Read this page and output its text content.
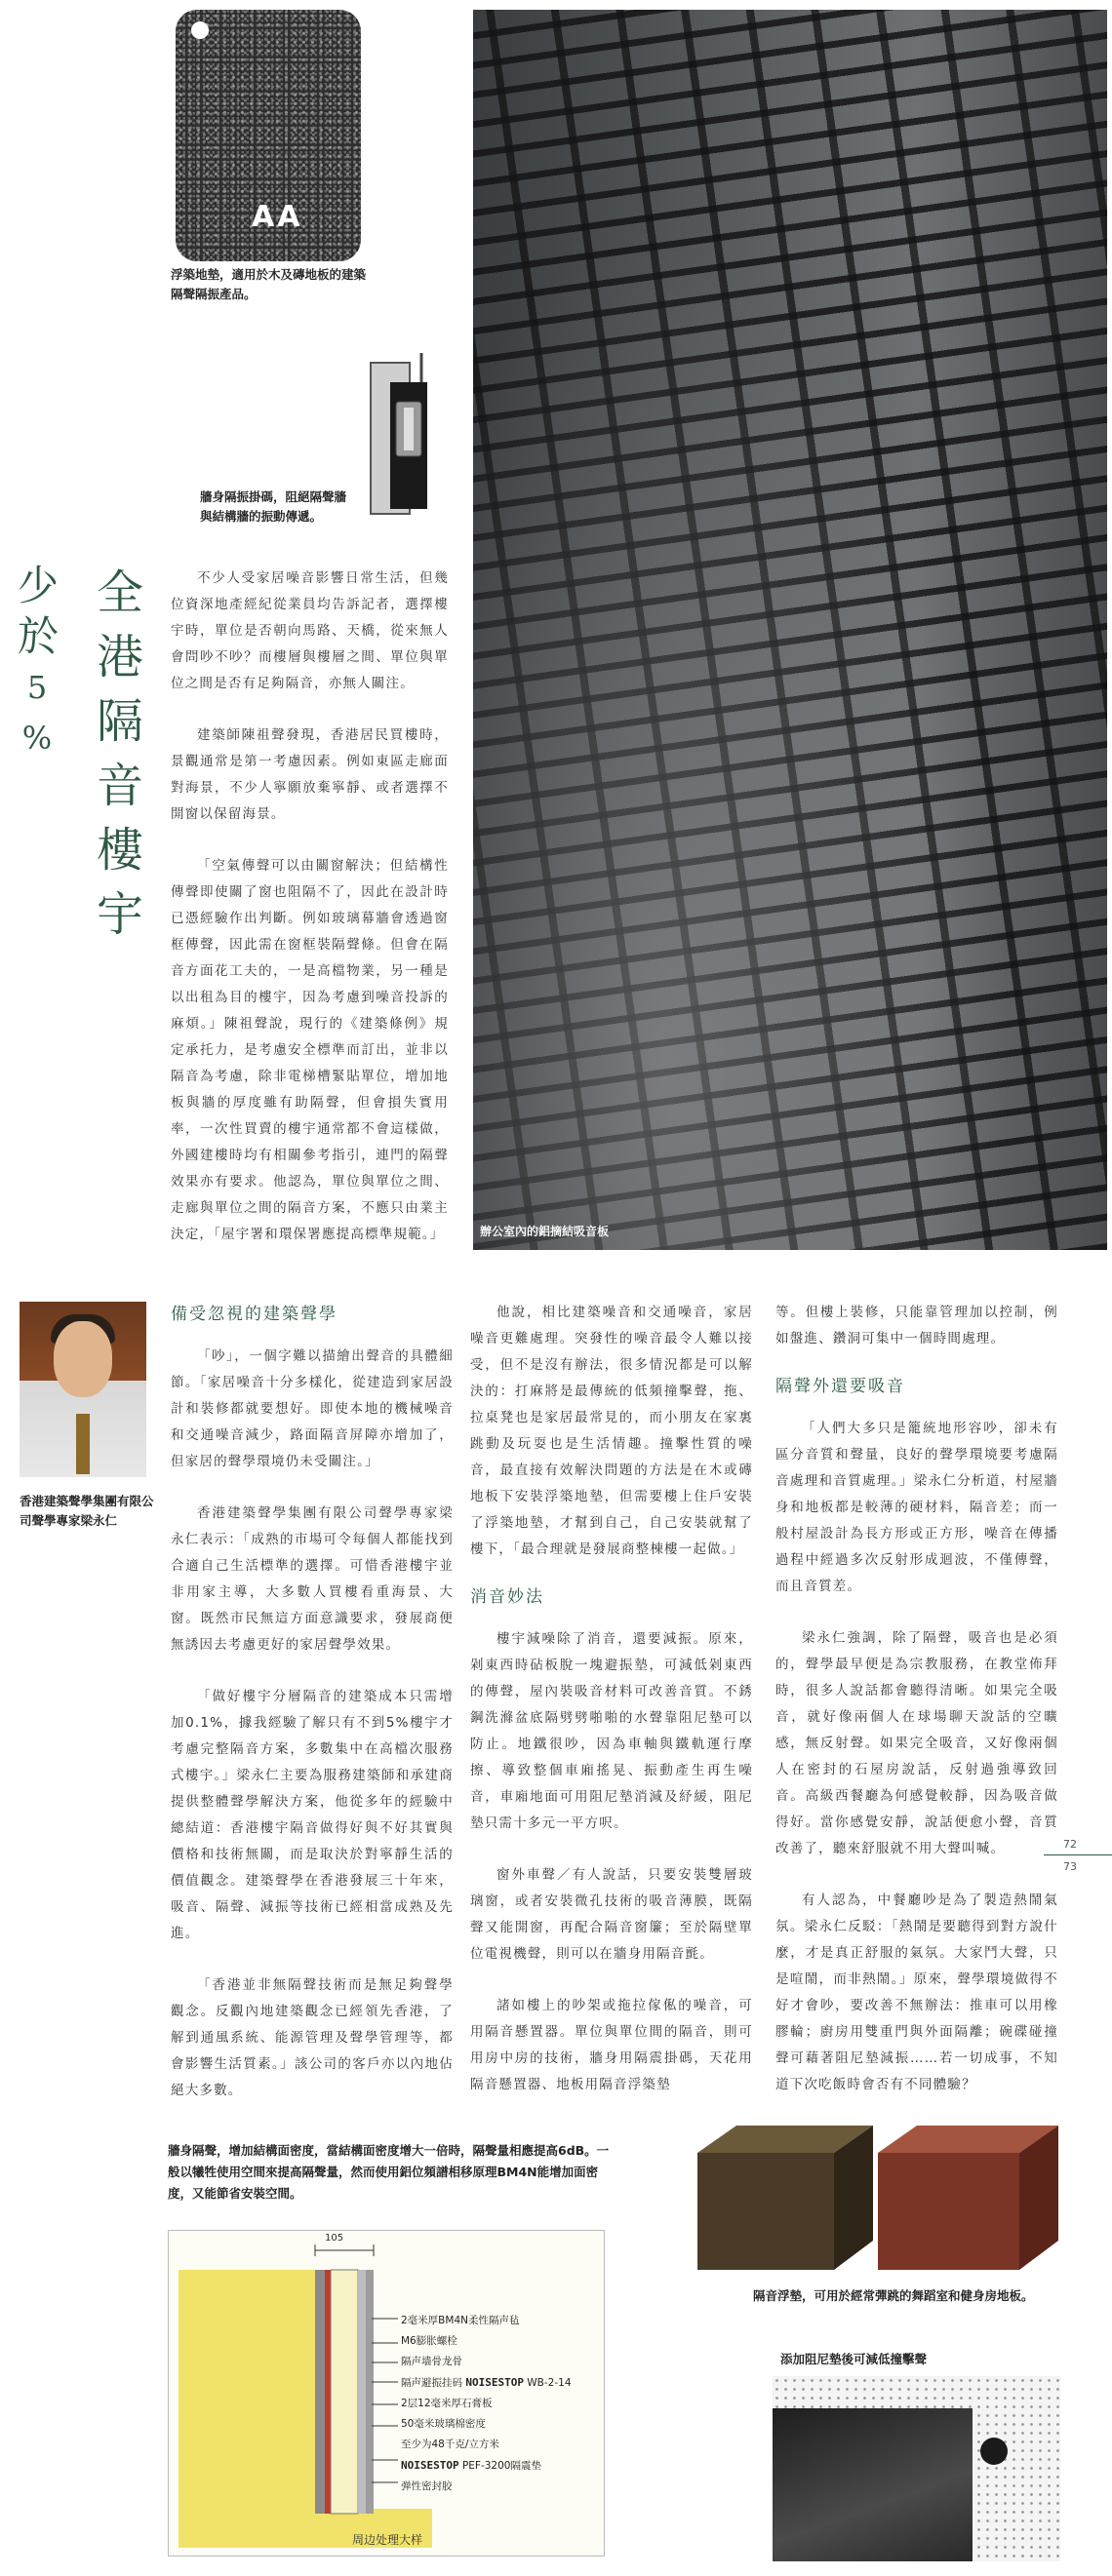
AA
浮築地墊，適用於木及磚地板的建築隔聲隔振產品。
牆身隔振掛碼，阻絕隔聲牆與結構牆的振動傳遞。
辦公室內的鋁摘結吸音板
少
於
5
%
全
港
隔
音
樓
宇

不少人受家居噪音影響日常生活，但幾位資深地產經紀從業員均告訴記者，選擇樓宇時，單位是否朝向馬路、天橋，從來無人會問吵不吵？而樓層與樓層之間、單位與單位之間是否有足夠隔音，亦無人關注。

建築師陳祖聲發現，香港居民買樓時，景觀通常是第一考慮因素。例如東區走廊面對海景，不少人寧願放棄寧靜、或者選擇不開窗以保留海景。

「空氣傳聲可以由關窗解決；但結構性傳聲即使關了窗也阻隔不了，因此在設計時已憑經驗作出判斷。例如玻璃幕牆會透過窗框傳聲，因此需在窗框裝隔聲條。但會在隔音方面花工夫的，一是高檔物業，另一種是以出租為目的樓宇，因為考慮到噪音投訴的麻煩。」陳祖聲說，現行的《建築條例》規定承托力，是考慮安全標準而訂出，並非以隔音為考慮，除非電梯槽緊貼單位，增加地板與牆的厚度雖有助隔聲，但會損失實用率，一次性買賣的樓宇通常都不會這樣做，外國建樓時均有相關參考指引，連門的隔聲效果亦有要求。他認為，單位與單位之間、走廊與單位之間的隔音方案，不應只由業主決定，「屋宇署和環保署應提高標準規範。」

香港建築聲學集團有限公司聲學專家梁永仁
備受忽視的建築聲學

「吵」，一個字難以描繪出聲音的具體細節。「家居噪音十分多樣化，從建造到家居設計和裝修都就要想好。即使本地的機械噪音和交通噪音減少，路面隔音屏障亦增加了，但家居的聲學環境仍未受關注。」

香港建築聲學集團有限公司聲學專家梁永仁表示：「成熟的市場可令每個人都能找到合適自己生活標準的選擇。可惜香港樓宇並非用家主導，大多數人買樓看重海景、大窗。既然市民無這方面意識要求，發展商便無誘因去考慮更好的家居聲學效果。

「做好樓宇分層隔音的建築成本只需增加0.1%，據我經驗了解只有不到5%樓宇才考慮完整隔音方案，多數集中在高檔次服務式樓宇。」梁永仁主要為服務建築師和承建商提供整體聲學解決方案，他從多年的經驗中總結道：香港樓宇隔音做得好與不好其實與價格和技術無關，而是取決於對寧靜生活的價值觀念。建築聲學在香港發展三十年來，吸音、隔聲、減振等技術已經相當成熟及先進。

「香港並非無隔聲技術而是無足夠聲學觀念。反觀內地建築觀念已經領先香港，了解到通風系統、能源管理及聲學管理等，都會影響生活質素。」該公司的客戶亦以內地佔絕大多數。

他說，相比建築噪音和交通噪音，家居噪音更難處理。突發性的噪音最令人難以接受，但不是沒有辦法，很多情況都是可以解決的：打麻將是最傳統的低頻撞擊聲，拖、拉桌凳也是家居最常見的，而小朋友在家裏跳動及玩耍也是生活情趣。撞擊性質的噪音，最直接有效解決問題的方法是在木或磚地板下安裝浮築地墊，但需要樓上住戶安裝了浮築地墊，才幫到自己，自己安裝就幫了樓下，「最合理就是發展商整棟樓一起做。」

消音妙法

樓宇減噪除了消音，還要減振。原來，剁東西時砧板脫一塊避振墊，可減低剁東西的傳聲，屋內裝吸音材料可改善音質。不銹鋼洗滌盆底隔劈劈啪啪的水聲靠阻尼墊可以防止。地鐵很吵，因為車軸與鐵軌運行摩擦、導致整個車廂搖晃、振動產生再生噪音，車廂地面可用阻尼墊消減及紓緩，阻尼墊只需十多元一平方呎。

窗外車聲／有人說話，只要安裝雙層玻璃窗，或者安裝微孔技術的吸音薄膜，既隔聲又能開窗，再配合隔音窗簾；至於隔壁單位電視機聲，則可以在牆身用隔音氈。

諸如樓上的吵架或拖拉傢俬的噪音，可用隔音懸置器。單位與單位間的隔音，則可用房中房的技術，牆身用隔震掛碼，天花用隔音懸置器、地板用隔音浮築墊

等。但樓上裝修，只能靠管理加以控制，例如盤進、鑽洞可集中一個時間處理。

隔聲外還要吸音

「人們大多只是籠統地形容吵，卻未有區分音質和聲量，良好的聲學環境要考慮隔音處理和音質處理。」梁永仁分析道，村屋牆身和地板都是較薄的硬材料，隔音差；而一般村屋設計為長方形或正方形，噪音在傳播過程中經過多次反射形成迴波，不僅傳聲，而且音質差。

梁永仁強調，除了隔聲，吸音也是必須的，聲學最早便是為宗教服務，在教堂佈拜時，很多人說話都會聽得清晰。如果完全吸音，就好像兩個人在球場聊天說話的空曠感，無反射聲。如果完全吸音，又好像兩個人在密封的石屋房說話，反射過強導致回音。高級西餐廳為何感覺較靜，因為吸音做得好。當你感覺安靜，說話便愈小聲，音質改善了，聽來舒服就不用大聲叫喊。

有人認為，中餐廳吵是為了製造熱鬧氣氛。梁永仁反駁：「熱鬧是要聽得到對方說什麼，才是真正舒服的氣氛。大家鬥大聲，只是喧鬧，而非熱鬧。」原來，聲學環境做得不好才會吵，要改善不無辦法：推車可以用橡膠輪；廚房用雙重門與外面隔離；碗碟碰撞聲可藉著阻尼墊減振……若一切成事，不知道下次吃飯時會否有不同體驗？

72
73
牆身隔聲，增加結構面密度，當結構面密度增大一倍時，隔聲量相應提高6dB。一般以犧牲使用空間來提高隔聲量，然而使用鋁位頻譜相移原理BM4N能增加面密度，又能節省安裝空間。
105
2毫米厚BM4N柔性隔声毡
M6膨胀螺栓
隔声墙骨龙骨
隔声避振挂码 NOISESTOP WB-2-14
2层12毫米厚石膏板
50毫米玻璃棉密度
至少为48千克/立方米
NOISESTOP PEF-3200隔震垫
弹性密封胶
周边处理大样
隔音浮墊，可用於經常彈跳的舞蹈室和健身房地板。
添加阻尼墊後可減低撞擊聲
